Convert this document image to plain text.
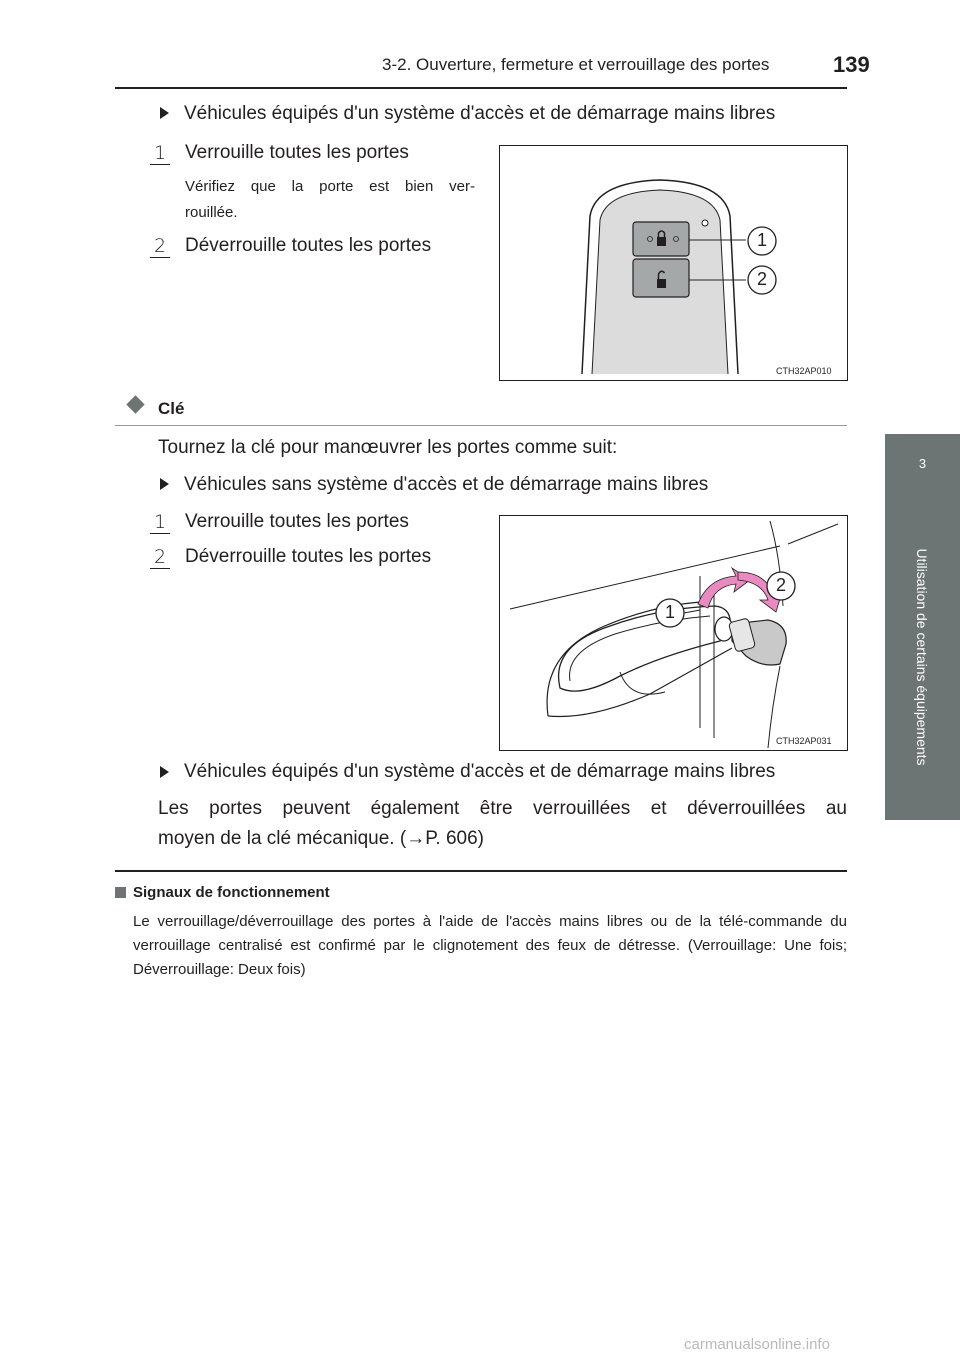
3-2. Ouverture, fermeture et verrouillage des portes	139
3
Utilisation de certains équipements
Véhicules équipés d'un système d'accès et de démarrage mains libres
1 Verrouille toutes les portes
Vérifiez que la porte est bien ver-
rouillée.
2 Déverrouille toutes les portes	1
2
CTH32AP010
Clé
Tournez la clé pour manœuvrer les portes comme suit:
Véhicules sans système d'accès et de démarrage mains libres
1 Verrouille toutes les portes
2 Déverrouille toutes les portes
1
2
CTH32AP031
Véhicules équipés d'un système d'accès et de démarrage mains libres
Les portes peuvent également être verrouillées et déverrouillées au
moyen de la clé mécanique. (→P. 606)
Signaux de fonctionnement
Le verrouillage/déverrouillage des portes à l'aide de l'accès mains libres ou de la télé-commande du verrouillage centralisé est confirmé par le clignotement des feux de détresse. (Verrouillage: Une fois; Déverrouillage: Deux fois)
carmanualsonline.info
